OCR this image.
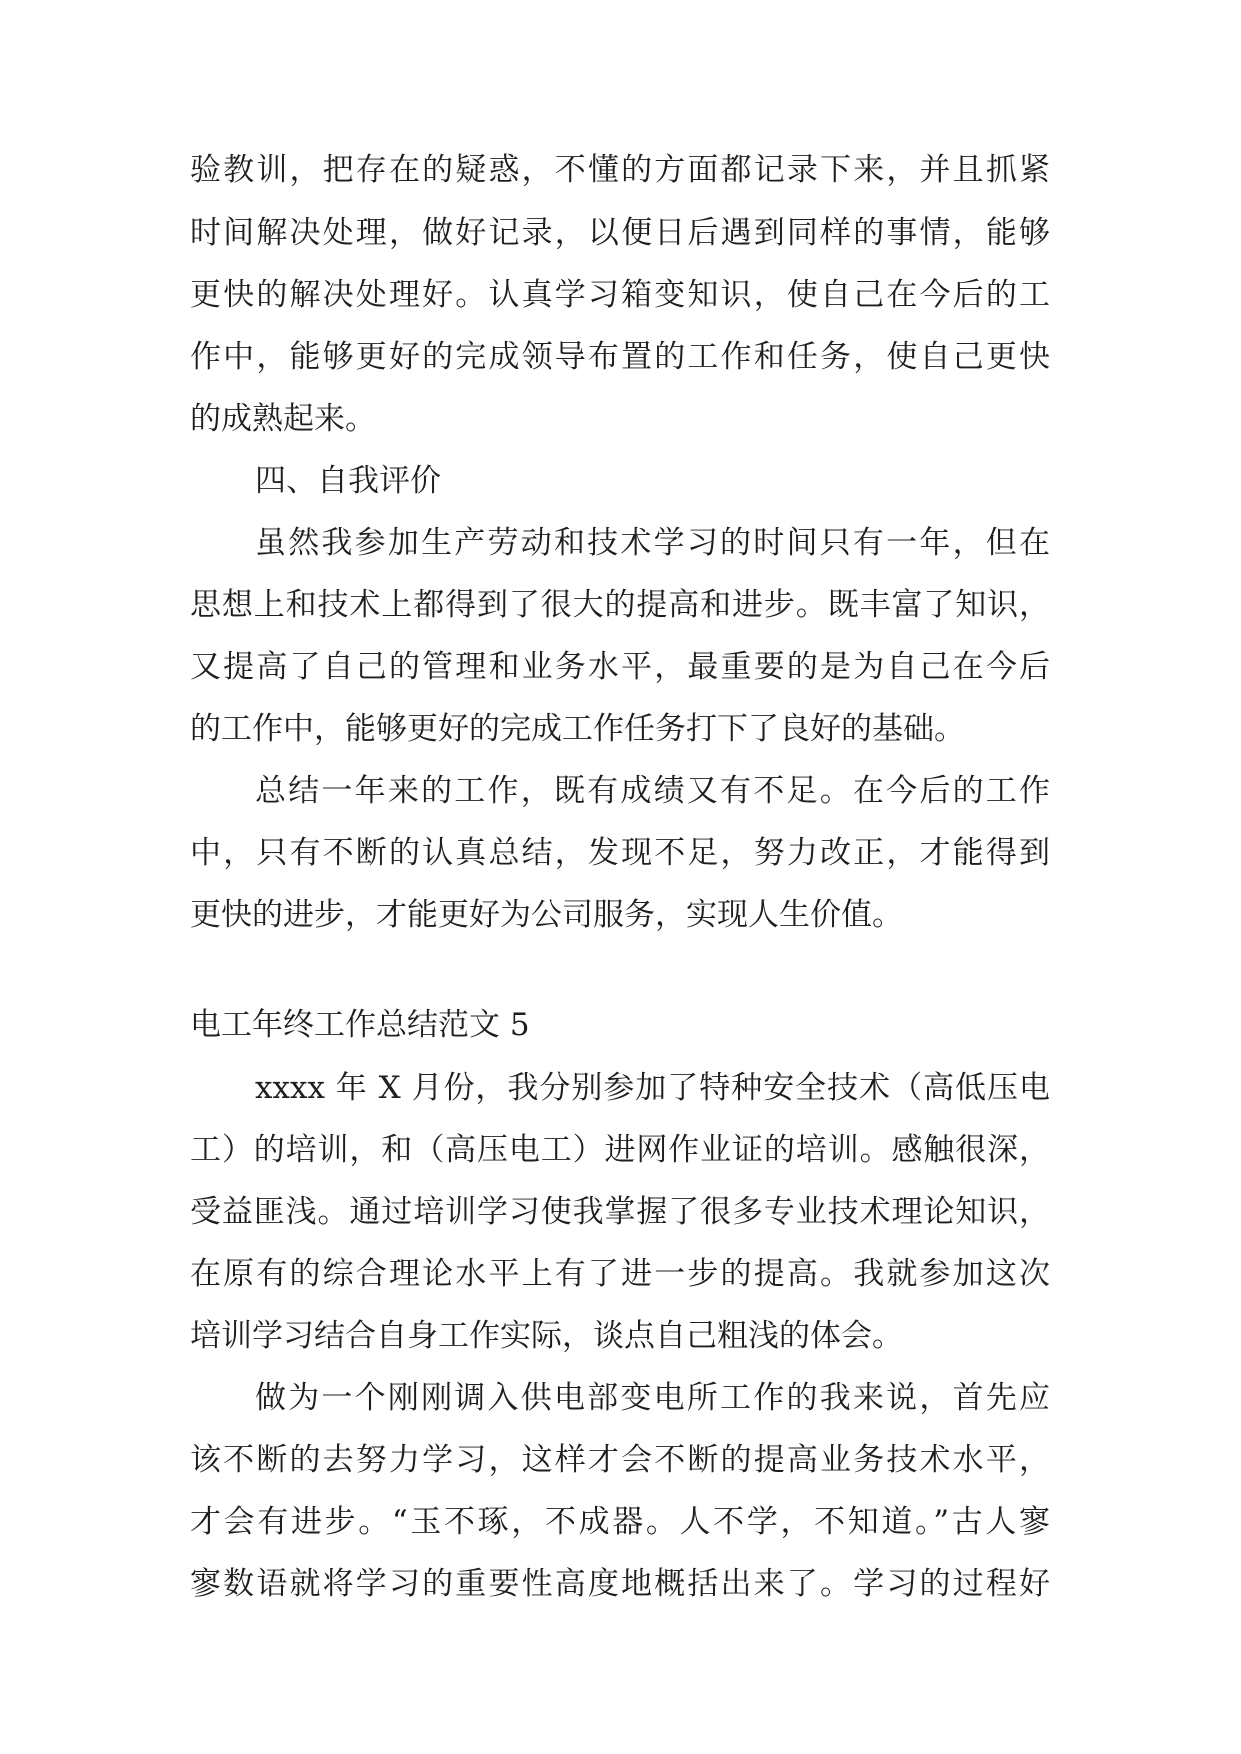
验教训，把存在的疑惑，不懂的方面都记录下来，并且抓紧
时间解决处理，做好记录，以便日后遇到同样的事情，能够
更快的解决处理好。认真学习箱变知识，使自己在今后的工
作中，能够更好的完成领导布置的工作和任务，使自己更快
的成熟起来。
四、自我评价
虽然我参加生产劳动和技术学习的时间只有一年，但在
思想上和技术上都得到了很大的提高和进步。既丰富了知识，
又提高了自己的管理和业务水平，最重要的是为自己在今后
的工作中，能够更好的完成工作任务打下了良好的基础。
总结一年来的工作，既有成绩又有不足。在今后的工作
中，只有不断的认真总结，发现不足，努力改正，才能得到
更快的进步，才能更好为公司服务，实现人生价值。
电工年终工作总结范文 5
xxxx 年 X 月份，我分别参加了特种安全技术（高低压电
工）的培训，和（高压电工）进网作业证的培训。感触很深，
受益匪浅。通过培训学习使我掌握了很多专业技术理论知识，
在原有的综合理论水平上有了进一步的提高。我就参加这次
培训学习结合自身工作实际，谈点自己粗浅的体会。
做为一个刚刚调入供电部变电所工作的我来说，首先应
该不断的去努力学习，这样才会不断的提高业务技术水平，
才会有进步。“玉不琢，不成器。人不学，不知道。”古人寥
寥数语就将学习的重要性高度地概括出来了。学习的过程好
